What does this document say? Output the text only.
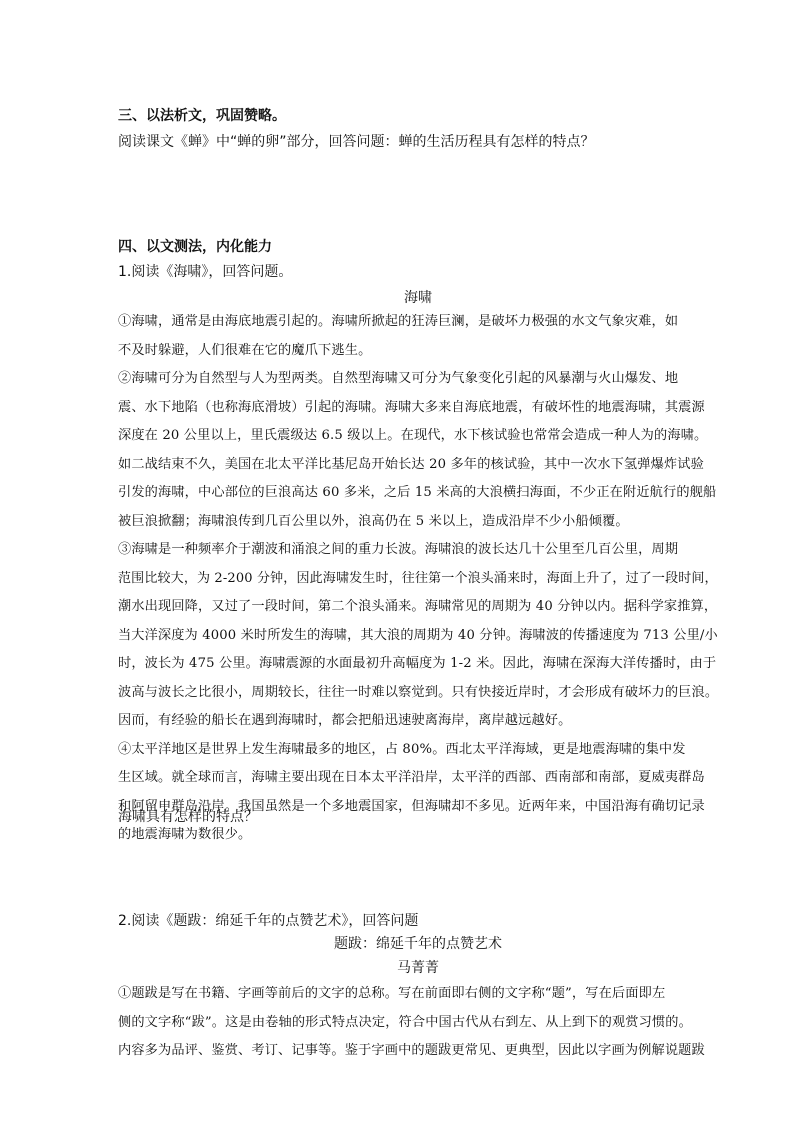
三、以法析文，巩固赞略。
阅读课文《蝉》中“蝉的卵”部分，回答问题：蝉的生活历程具有怎样的特点？
四、以文测法，内化能力
1.阅读《海啸》，回答问题。
海啸
①海啸，通常是由海底地震引起的。海啸所掀起的狂涛巨澜，是破坏力极强的水文气象灾难，如
不及时躲避，人们很难在它的魔爪下逃生。
②海啸可分为自然型与人为型两类。自然型海啸又可分为气象变化引起的风暴潮与火山爆发、地
震、水下地陷（也称海底滑坡）引起的海啸。海啸大多来自海底地震，有破坏性的地震海啸，其震源
深度在 20 公里以上，里氏震级达 6.5 级以上。在现代，水下核试验也常常会造成一种人为的海啸。
如二战结束不久，美国在北太平洋比基尼岛开始长达 20 多年的核试验，其中一次水下氢弹爆炸试验
引发的海啸，中心部位的巨浪高达 60 多米，之后 15 米高的大浪横扫海面，不少正在附近航行的舰船
被巨浪掀翻；海啸浪传到几百公里以外，浪高仍在 5 米以上，造成沿岸不少小船倾覆。
③海啸是一种频率介于潮波和涌浪之间的重力长波。海啸浪的波长达几十公里至几百公里，周期
范围比较大，为 2-200 分钟，因此海啸发生时，往往第一个浪头涌来时，海面上升了，过了一段时间，
潮水出现回降，又过了一段时间，第二个浪头涌来。海啸常见的周期为 40 分钟以内。据科学家推算，
当大洋深度为 4000 米时所发生的海啸，其大浪的周期为 40 分钟。海啸波的传播速度为 713 公里/小
时，波长为 475 公里。海啸震源的水面最初升高幅度为 1-2 米。因此，海啸在深海大洋传播时，由于
波高与波长之比很小，周期较长，往往一时难以察觉到。只有快接近岸时，才会形成有破坏力的巨浪。
因而，有经验的船长在遇到海啸时，都会把船迅速驶离海岸，离岸越远越好。
④太平洋地区是世界上发生海啸最多的地区，占 80%。西北太平洋海域，更是地震海啸的集中发
生区域。就全球而言，海啸主要出现在日本太平洋沿岸，太平洋的西部、西南部和南部，夏威夷群岛
和阿留申群岛沿岸。我国虽然是一个多地震国家，但海啸却不多见。近两年来，中国沿海有确切记录
的地震海啸为数很少。
海啸具有怎样的特点？
2.阅读《题跋：绵延千年的点赞艺术》，回答问题
题跋：绵延千年的点赞艺术
马菁菁
①题跋是写在书籍、字画等前后的文字的总称。写在前面即右侧的文字称“题”，写在后面即左
侧的文字称“跋”。这是由卷轴的形式特点决定，符合中国古代从右到左、从上到下的观赏习惯的。
内容多为品评、鉴赏、考订、记事等。鉴于字画中的题跋更常见、更典型，因此以字画为例解说题跋
